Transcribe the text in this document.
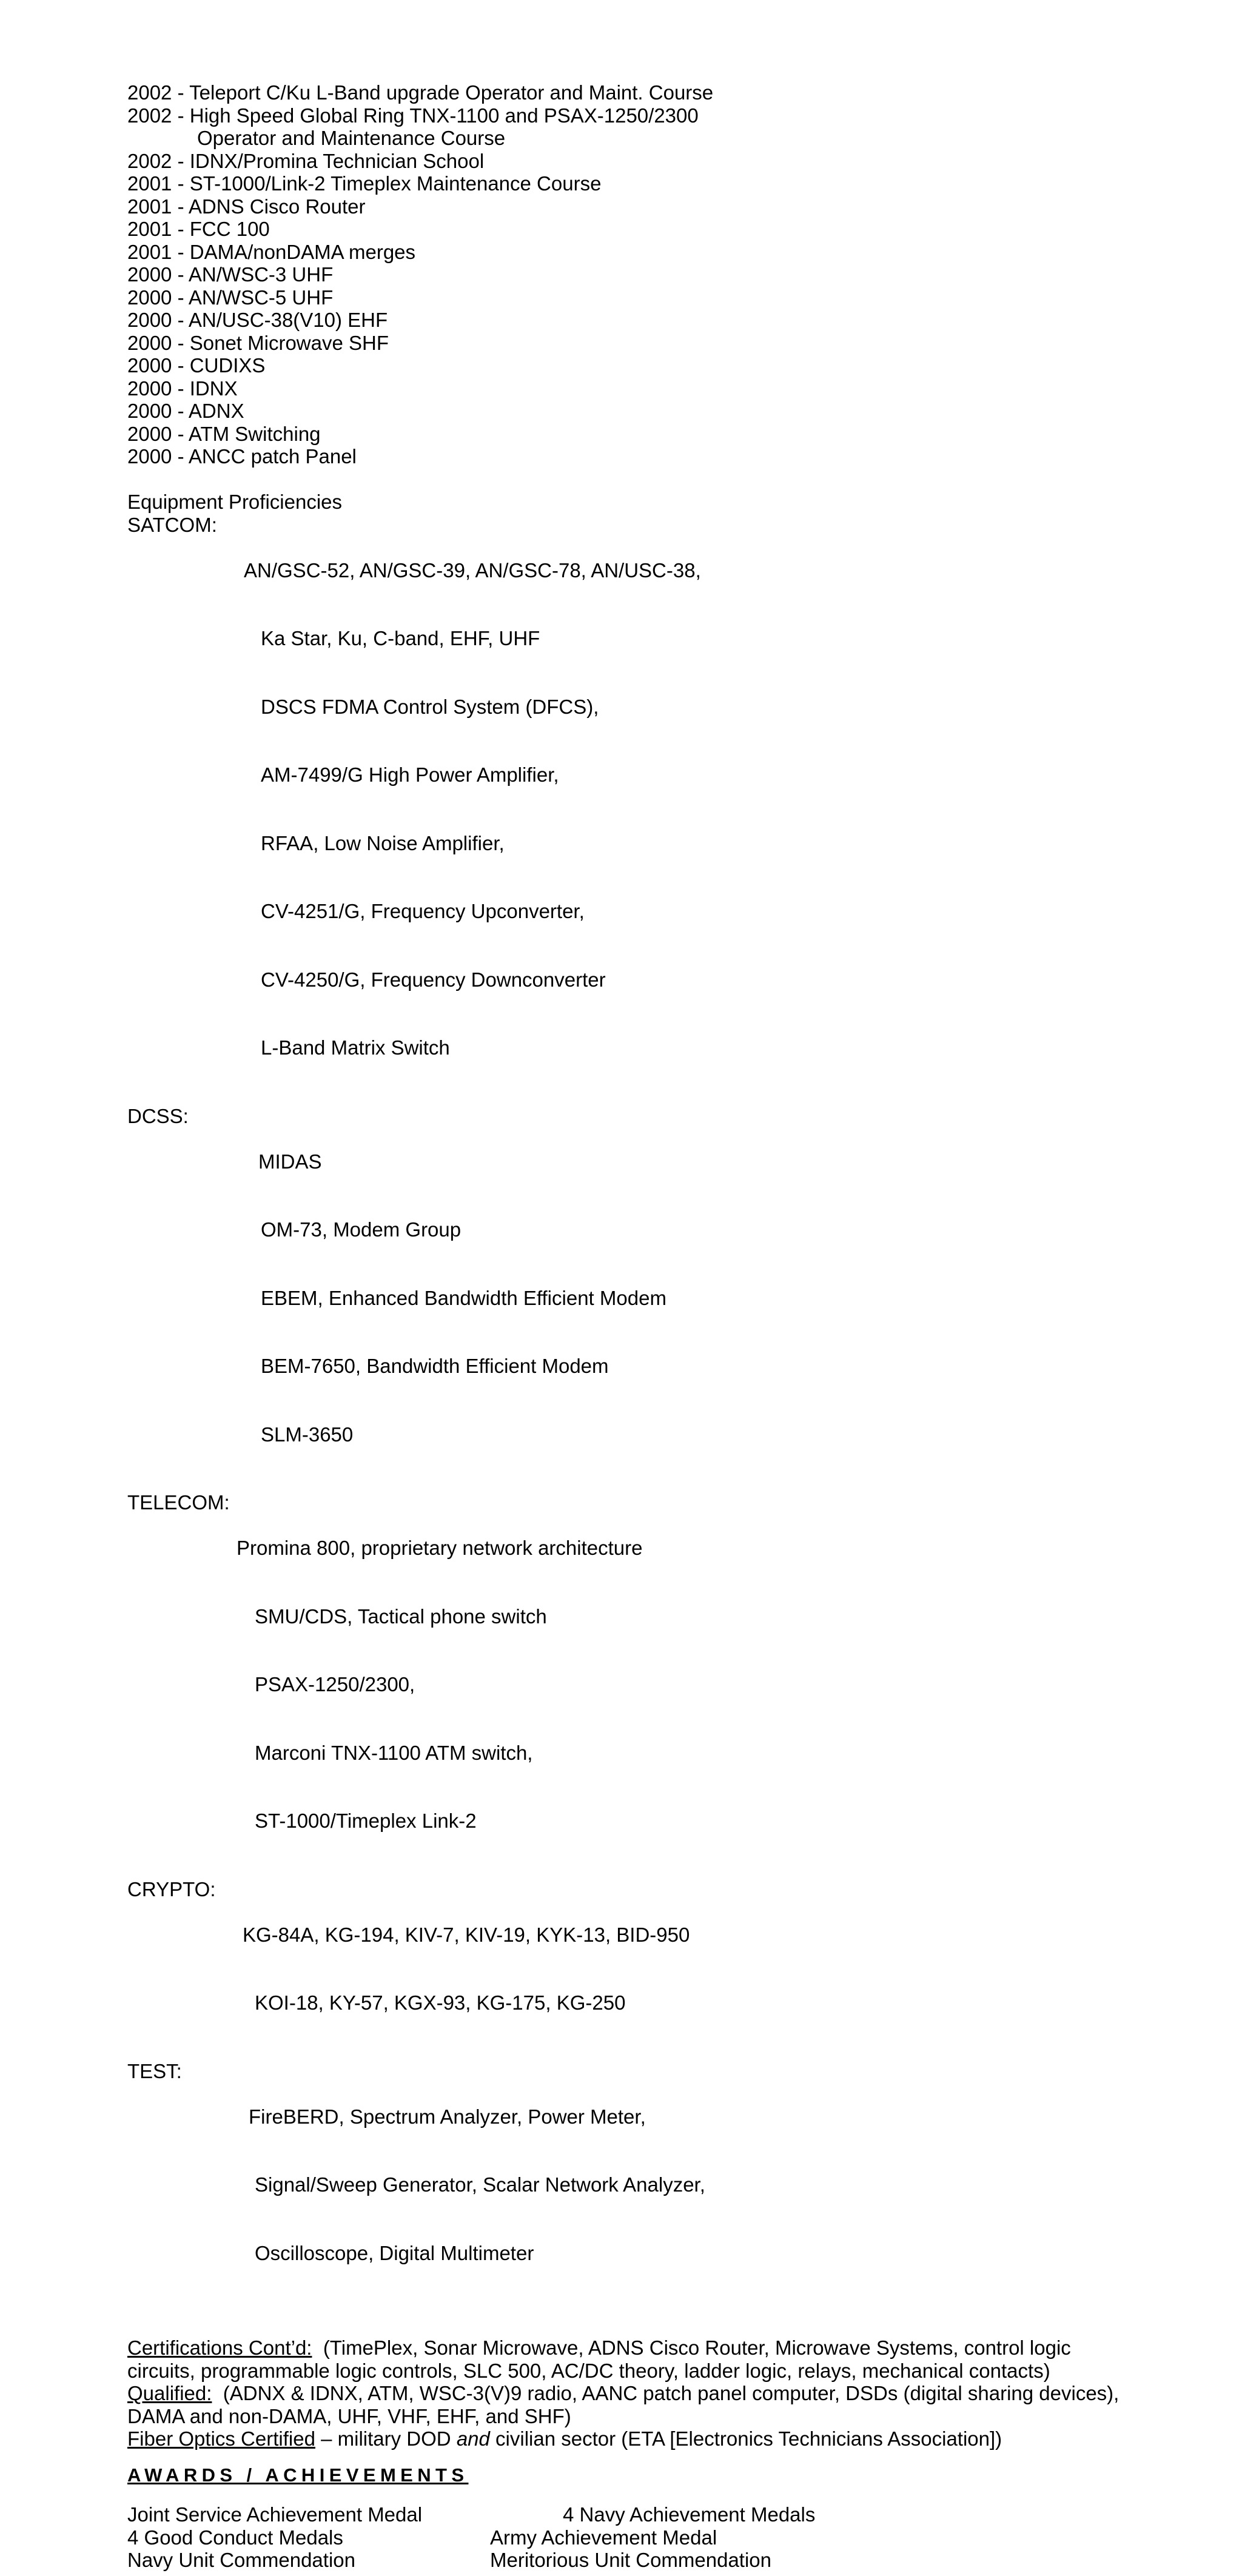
2002 - Teleport C/Ku L-Band upgrade Operator and Maint. Course
2002 - High Speed Global Ring TNX-1100 and PSAX-1250/2300
Operator and Maintenance Course
2002 - IDNX/Promina Technician School
2001 - ST-1000/Link-2 Timeplex Maintenance Course
2001 - ADNS Cisco Router
2001 - FCC 100
2001 - DAMA/nonDAMA merges
2000 - AN/WSC-3 UHF
2000 - AN/WSC-5 UHF
2000 - AN/USC-38(V10) EHF
2000 - Sonet Microwave SHF
2000 - CUDIXS
2000 - IDNX
2000 - ADNX
2000 - ATM Switching
2000 - ANCC patch Panel
Equipment Proficiencies
SATCOM:

AN/GSC-52, AN/GSC-39, AN/GSC-78, AN/USC-38,

Ka Star, Ku, C-band, EHF, UHF

DSCS FDMA Control System (DFCS),

AM-7499/G High Power Amplifier,

RFAA, Low Noise Amplifier,

CV-4251/G, Frequency Upconverter,

CV-4250/G, Frequency Downconverter

L-Band Matrix Switch

DCSS:

MIDAS

OM-73, Modem Group

EBEM, Enhanced Bandwidth Efficient Modem

BEM-7650, Bandwidth Efficient Modem

SLM-3650

TELECOM:

Promina 800, proprietary network architecture

SMU/CDS, Tactical phone switch

PSAX-1250/2300,

Marconi TNX-1100 ATM switch,

ST-1000/Timeplex Link-2

CRYPTO:

KG-84A, KG-194, KIV-7, KIV-19, KYK-13, BID-950

KOI-18, KY-57, KGX-93, KG-175, KG-250

TEST:

FireBERD, Spectrum Analyzer, Power Meter,

Signal/Sweep Generator, Scalar Network Analyzer,

Oscilloscope, Digital Multimeter

Certifications Cont’d: (TimePlex, Sonar Microwave, ADNS Cisco Router, Microwave Systems, control logic circuits, programmable logic controls, SLC 500, AC/DC theory, ladder logic, relays, mechanical contacts)
Qualified: (ADNX & IDNX, ATM, WSC-3(V)9 radio, AANC patch panel computer, DSDs (digital sharing devices), DAMA and non-DAMA, UHF, VHF, EHF, and SHF)
Fiber Optics Certified – military DOD and civilian sector (ETA [Electronics Technicians Association])
AWARDS / ACHIEVEMENTS
Joint Service Achievement Medal
4 Good Conduct Medals
Navy Unit Commendation
4 Navy Achievement Medals
Army Achievement Medal
Meritorious Unit Commendation
